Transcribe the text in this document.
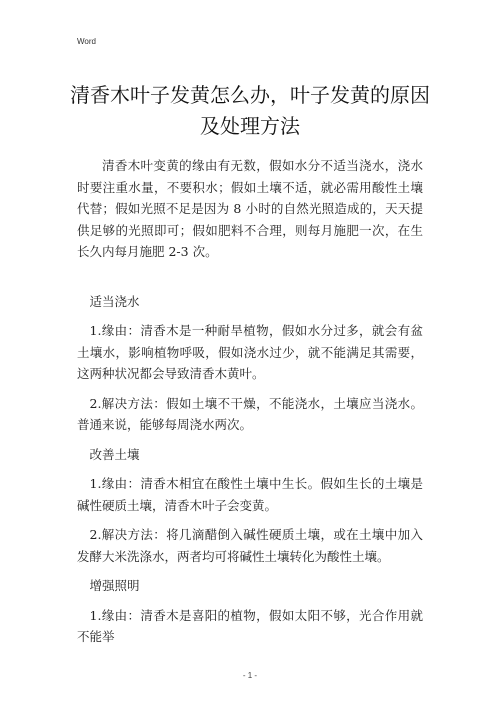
Word
清香木叶子发黄怎么办，叶子发黄的原因
及处理方法

清香木叶变黄的缘由有无数，假如水分不适当浇水，浇水时要注重水量，不要积水；假如土壤不适，就必需用酸性土壤代替；假如光照不足是因为 8 小时的自然光照造成的，天天提供足够的光照即可；假如肥料不合理，则每月施肥一次，在生长久内每月施肥 2-3 次。

适当浇水

1.缘由：清香木是一种耐旱植物，假如水分过多，就会有盆土壤水，影响植物呼吸，假如浇水过少，就不能满足其需要，这两种状况都会导致清香木黄叶。

2.解决方法：假如土壤不干燥，不能浇水，土壤应当浇水。普通来说，能够每周浇水两次。

改善土壤

1.缘由：清香木相宜在酸性土壤中生长。假如生长的土壤是碱性硬质土壤，清香木叶子会变黄。

2.解决方法：将几滴醋倒入碱性硬质土壤，或在土壤中加入发酵大米洗涤水，两者均可将碱性土壤转化为酸性土壤。

增强照明

1.缘由：清香木是喜阳的植物，假如太阳不够，光合作用就不能举

- 1 -
